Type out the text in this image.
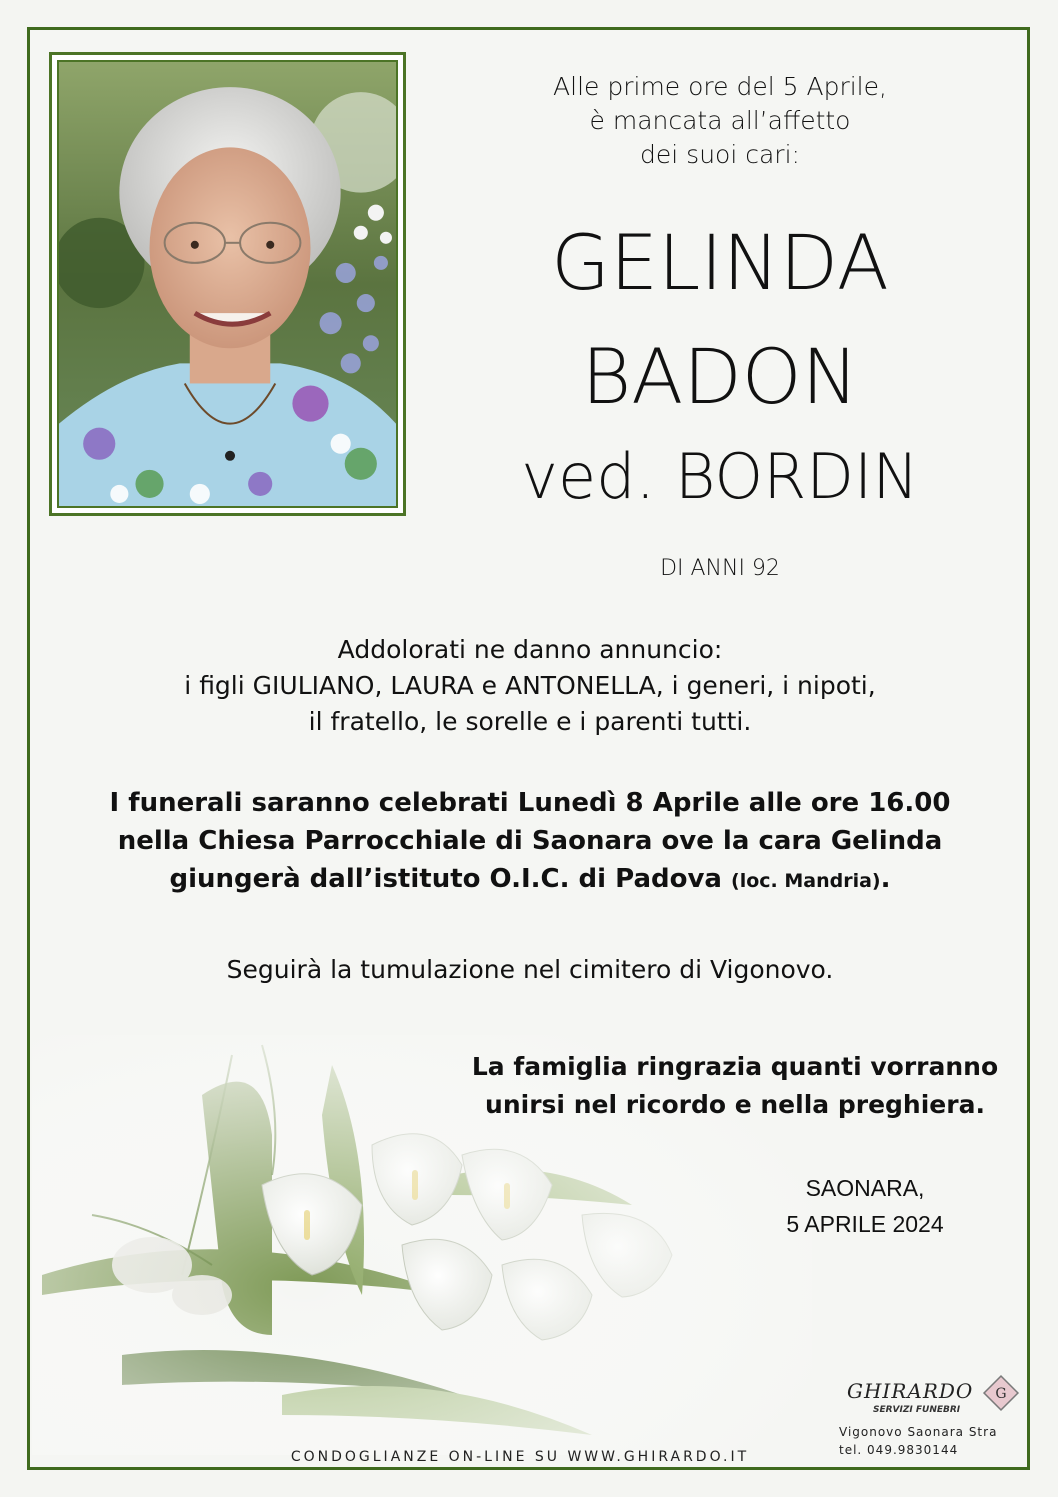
Alle prime ore del 5 Aprile,
è mancata all’affetto
dei suoi cari:
GELINDA
BADON
ved. BORDIN
DI ANNI 92
Addolorati ne danno annuncio:
i figli GIULIANO, LAURA e ANTONELLA, i generi, i nipoti,
il fratello, le sorelle e i parenti tutti.
I funerali saranno celebrati Lunedì 8 Aprile alle ore 16.00
nella Chiesa Parrocchiale di Saonara ove la cara Gelinda
giungerà dall’istituto O.I.C. di Padova (loc. Mandria).
Seguirà la tumulazione nel cimitero di Vigonovo.
La famiglia ringrazia quanti vorranno
unirsi nel ricordo e nella preghiera.
SAONARA,
5 APRILE 2024
CONDOGLIANZE ON-LINE SU WWW.GHIRARDO.IT
GHIRARDO
SERVIZI FUNEBRI
G
Vigonovo Saonara Stra
tel. 049.9830144
